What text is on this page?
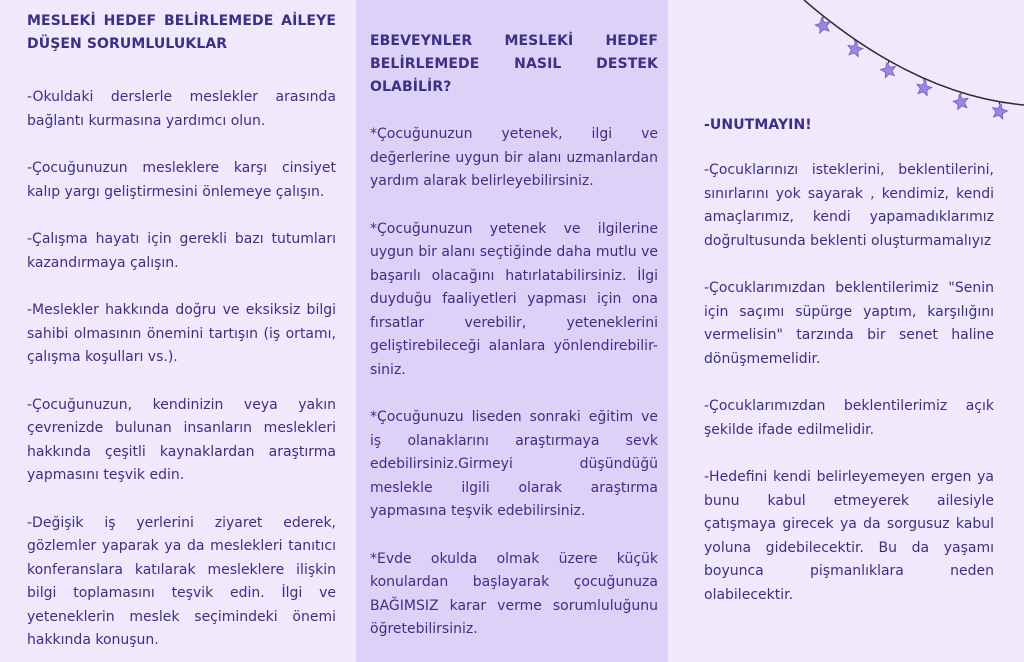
MESLEKİ HEDEF BELİRLEMEDE AİLEYE DÜŞEN SORUMLULUKLAR

-Okuldaki derslerle meslekler arasında bağlantı kurmasına yardımcı olun.

-Çocuğunuzun mesleklere karşı cinsiyet kalıp yargı geliştirmesini önlemeye çalışın.

-Çalışma hayatı için gerekli bazı tutumları kazandırmaya çalışın.

-Meslekler hakkında doğru ve eksiksiz bilgi sahibi olmasının önemini tartışın (iş ortamı, çalışma koşulları vs.).

-Çocuğunuzun, kendinizin veya yakın çevrenizde bulunan insanların meslekleri hakkında çeşitli kaynaklardan araştırma yapmasını teşvik edin.

-Değişik iş yerlerini ziyaret ederek, gözlemler yaparak ya da meslekleri tanıtıcı konferanslara katılarak mesleklere ilişkin bilgi toplamasını teşvik edin. İlgi ve yeteneklerin meslek seçimindeki önemi hakkında konuşun.

EBEVEYNLER MESLEKİ HEDEF BELİRLEMEDE NASIL DESTEK OLABİLİR?

*Çocuğunuzun yetenek, ilgi ve değerlerine uygun bir alanı uzmanlardan yardım alarak belirleyebilirsiniz.

*Çocuğunuzun yetenek ve ilgilerine uygun bir alanı seçtiğinde daha mutlu ve başarılı olacağını hatırlatabilirsiniz. İlgi duyduğu faaliyetleri yapması için ona fırsatlar verebilir, yeteneklerini geliştirebileceği alanlara yönlendirebilir-siniz.

*Çocuğunuzu liseden sonraki eğitim ve iş olanaklarını araştırmaya sevk edebilirsiniz.Girmeyi düşündüğü meslekle ilgili olarak araştırma yapmasına teşvik edebilirsiniz.

*Evde okulda olmak üzere küçük konulardan başlayarak çocuğunuza BAĞIMSIZ karar verme sorumluluğunu öğretebilirsiniz.

-UNUTMAYIN!

-Çocuklarınızı isteklerini, beklentilerini, sınırlarını yok sayarak , kendimiz, kendi amaçlarımız, kendi yapamadıklarımız doğrultusunda beklenti oluşturmamalıyız

-Çocuklarımızdan beklentilerimiz "Senin için saçımı süpürge yaptım, karşılığını vermelisin" tarzında bir senet haline dönüşmemelidir.

-Çocuklarımızdan beklentilerimiz açık şekilde ifade edilmelidir.

-Hedefini kendi belirleyemeyen ergen ya bunu kabul etmeyerek ailesiyle çatışmaya girecek ya da sorgusuz kabul yoluna gidebilecektir. Bu da yaşamı boyunca pişmanlıklara neden olabilecektir.
